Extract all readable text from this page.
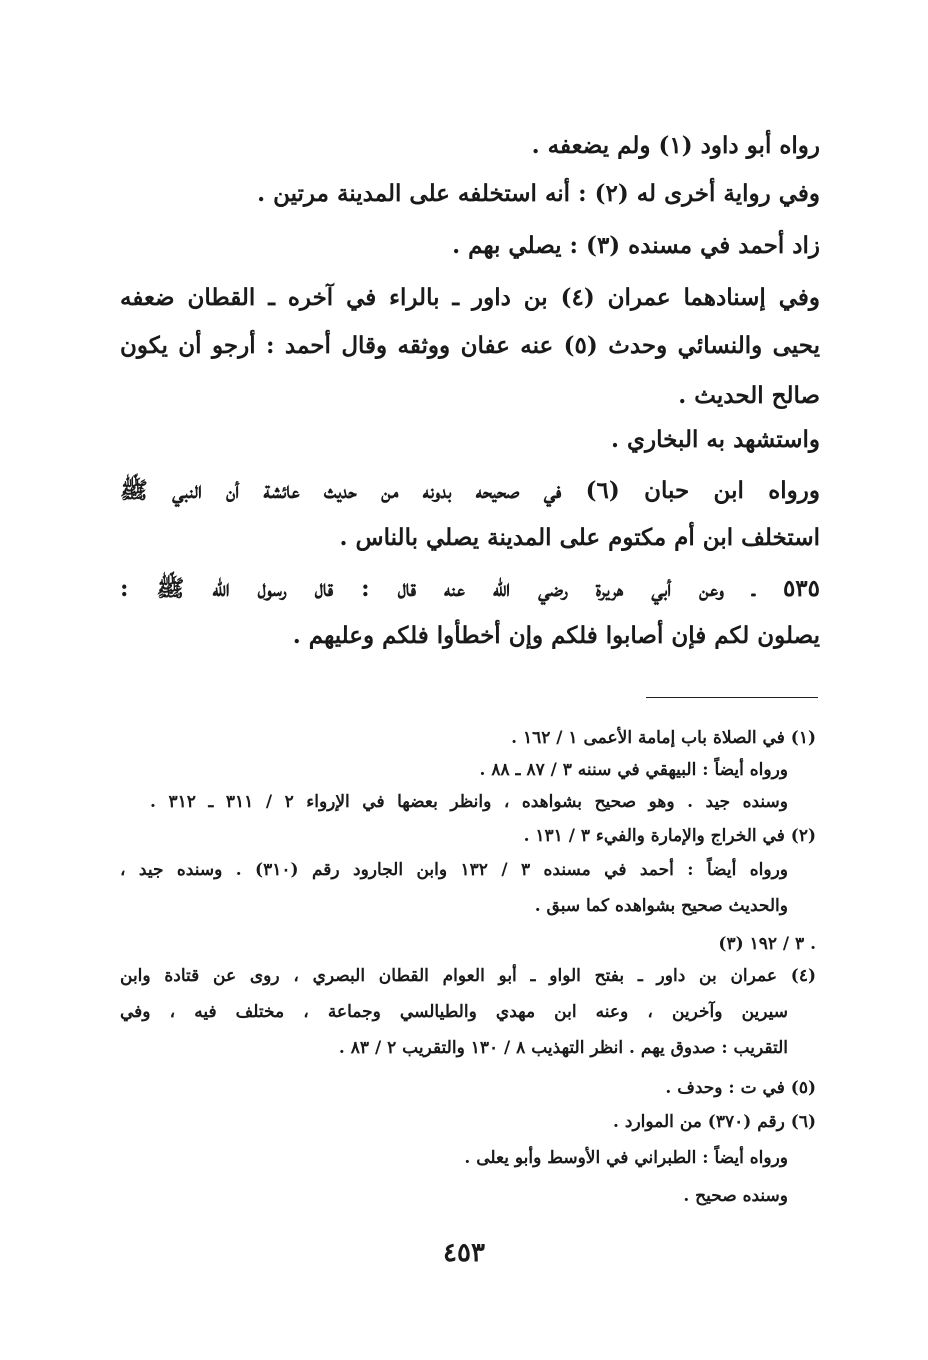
رواه أبو داود (١) ولم يضعفه .
وفي رواية أخرى له (٢) : أنه استخلفه على المدينة مرتين .
زاد أحمد في مسنده (٣) : يصلي بهم .
وفي إسنادهما عمران (٤) بن داور ـ بالراء في آخره ـ القطان ضعفه
يحيى والنسائي وحدث (٥) عنه عفان ووثقه وقال أحمد : أرجو أن يكون
صالح الحديث .
واستشهد به البخاري .
ورواه ابن حبان (٦) في صحيحه بدونه من حديث عائشة أن النبي ﷺ
استخلف ابن أم مكتوم على المدينة يصلي بالناس .
٥٣٥ ـ وعن أبي هريرة رضي الله عنه قال : قال رسول الله ﷺ :
يصلون لكم فإن أصابوا فلكم وإن أخطأوا فلكم وعليهم .
(١) في الصلاة باب إمامة الأعمى ١ / ١٦٢ .
ورواه أيضاً : البيهقي في سننه ٣ / ٨٧ ـ ٨٨ .
وسنده جيد . وهو صحيح بشواهده ، وانظر بعضها في الإرواء ٢ / ٣١١ ـ ٣١٢ .
(٢) في الخراج والإمارة والفيء ٣ / ١٣١ .
ورواه أيضاً : أحمد في مسنده ٣ / ١٣٢ وابن الجارود رقم (٣١٠) . وسنده جيد ،
والحديث صحيح بشواهده كما سبق .
(٣) ٣ / ١٩٢ .
(٤) عمران بن داور ـ بفتح الواو ـ أبو العوام القطان البصري ، روى عن قتادة وابن
سيرين وآخرين ، وعنه ابن مهدي والطيالسي وجماعة ، مختلف فيه ، وفي
التقريب : صدوق يهم . انظر التهذيب ٨ / ١٣٠ والتقريب ٢ / ٨٣ .
(٥) في ت : وحدف .
(٦) رقم (٣٧٠) من الموارد .
ورواه أيضاً : الطبراني في الأوسط وأبو يعلى .
وسنده صحيح .
٤٥٣
